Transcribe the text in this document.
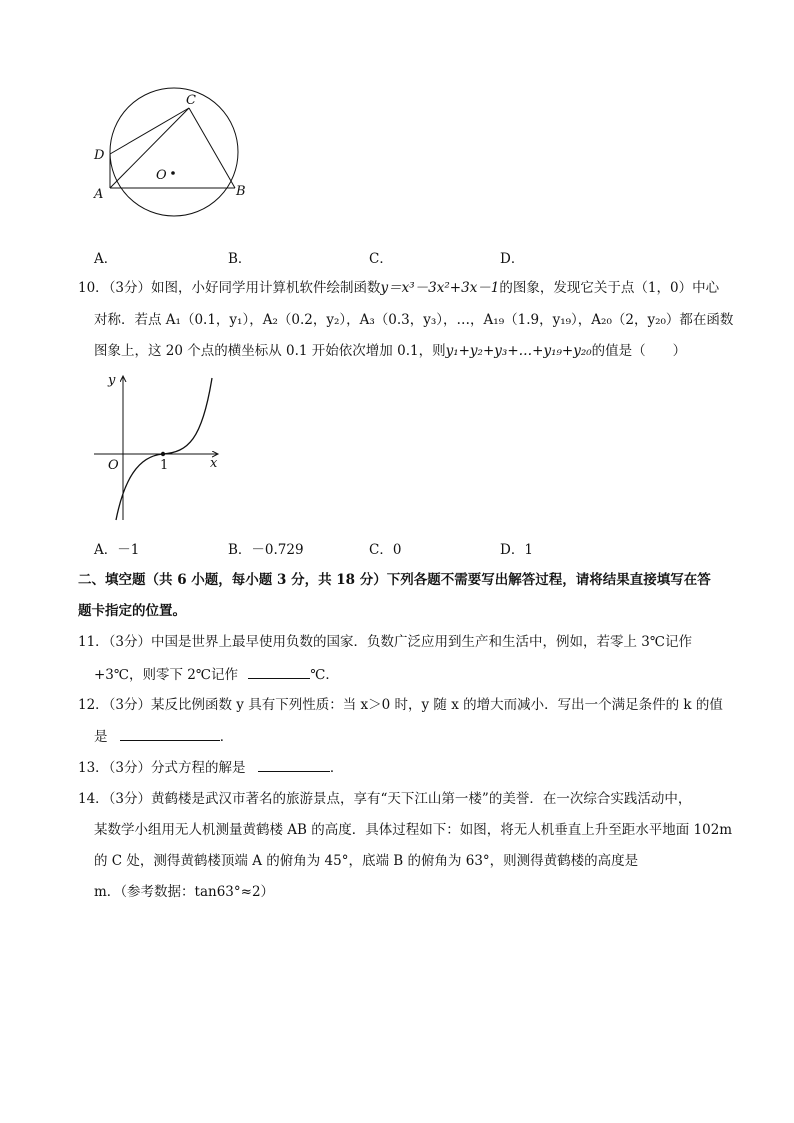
C
D
A
O
B
A．	B．	C．	D．
10．（3分）如图，小好同学用计算机软件绘制函数y＝x³－3x²+3x－1的图象，发现它关于点（1，0）中心
对称．若点 A₁（0.1，y₁），A₂（0.2，y₂），A₃（0.3，y₃），…，A₁₉（1.9，y₁₉），A₂₀（2，y₂₀）都在函数
图象上，这 20 个点的横坐标从 0.1 开始依次增加 0.1，则y₁+y₂+y₃+…+y₁₉+y₂₀的值是（　　）
y
x
O	1
A．－1	B．－0.729	C．0	D．1
二、填空题（共 6 小题，每小题 3 分，共 18 分）下列各题不需要写出解答过程，请将结果直接填写在答
题卡指定的位置。
11．（3分）中国是世界上最早使用负数的国家．负数广泛应用到生产和生活中，例如，若零上 3℃记作
+3℃，则零下 2℃记作	℃．
12．（3分）某反比例函数 y 具有下列性质：当 x＞0 时，y 随 x 的增大而减小．写出一个满足条件的 k 的值
是	．
13．（3分）分式方程的解是	．
14．（3分）黄鹤楼是武汉市著名的旅游景点，享有“天下江山第一楼”的美誉．在一次综合实践活动中，
某数学小组用无人机测量黄鹤楼 AB 的高度．具体过程如下：如图，将无人机垂直上升至距水平地面 102m
的 C 处，测得黄鹤楼顶端 A 的俯角为 45°，底端 B 的俯角为 63°，则测得黄鹤楼的高度是
m．（参考数据：tan63°≈2）
